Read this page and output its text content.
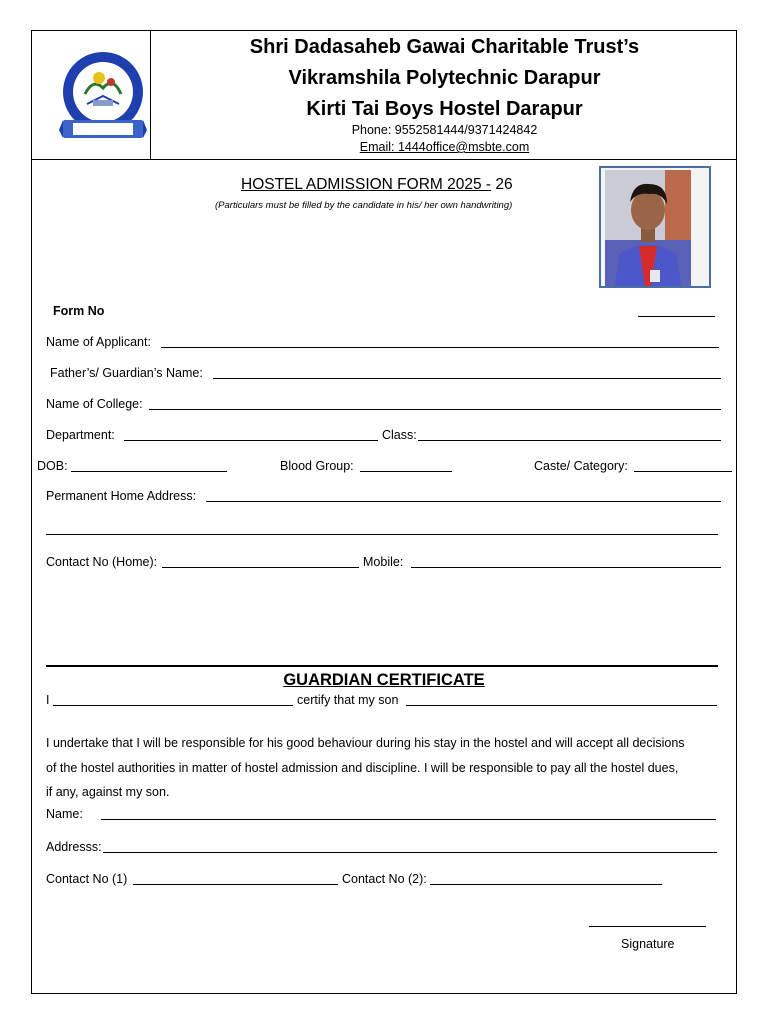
Shri Dadasaheb Gawai Charitable Trust’s
Vikramshila Polytechnic Darapur
Kirti Tai Boys Hostel Darapur
Phone: 9552581444/9371424842
Email: 1444office@msbte.com
HOSTEL ADMISSION FORM 2025 - 26
(Particulars must be filled by the candidate in his/ her own handwriting)
Form No
Name of Applicant:
Father’s/ Guardian’s Name:
Name of College:
Department:	Class:
DOB:	Blood Group:	Caste/ Category:
Permanent Home Address:
Contact No (Home):	Mobile:
GUARDIAN CERTIFICATE
I	certify that my son
I undertake that I will be responsible for his good behaviour during his stay in the hostel and will accept all decisions
of the hostel authorities in matter of hostel admission and discipline. I will be responsible to pay all the hostel dues,
if any, against my son.
Name:
Addresss:
Contact No (1)	Contact No (2):
Signature
